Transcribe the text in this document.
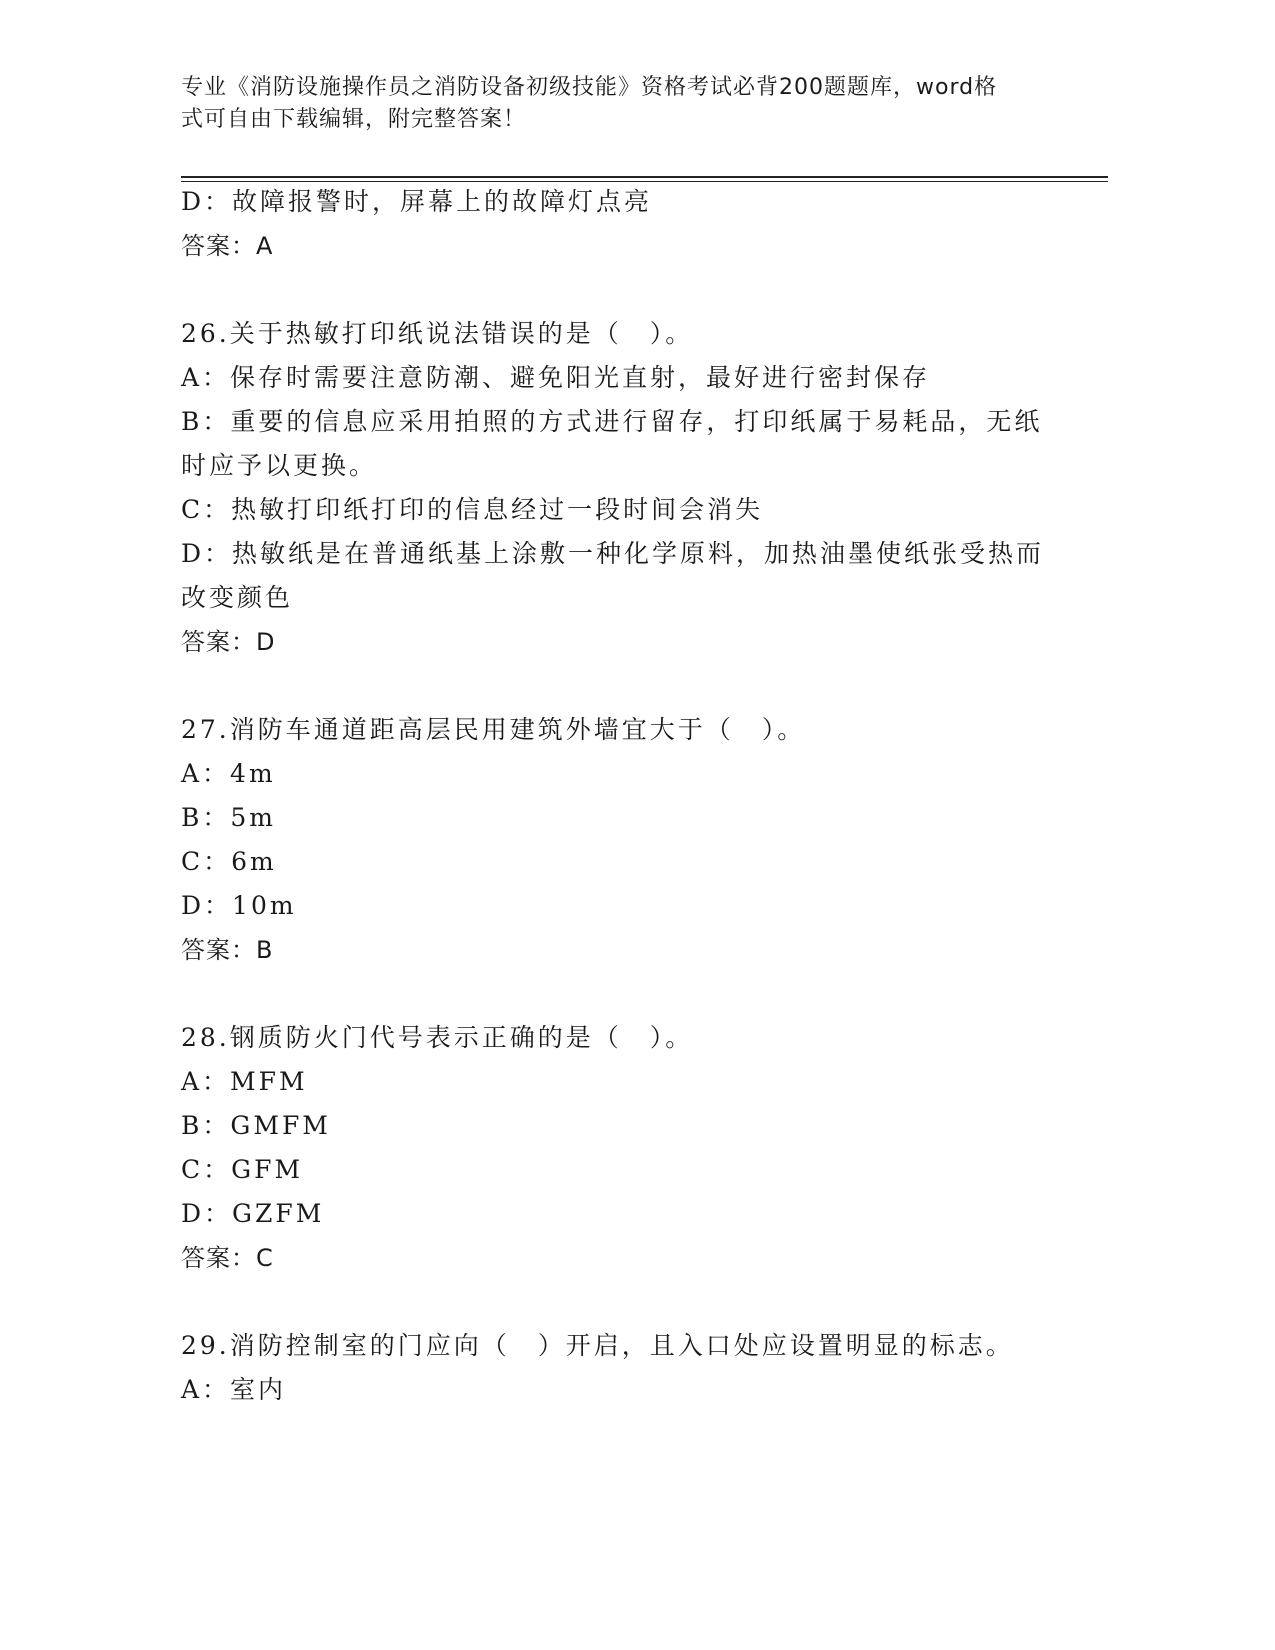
专业《消防设施操作员之消防设备初级技能》资格考试必背200题题库，word格
式可自由下载编辑，附完整答案！
D：故障报警时，屏幕上的故障灯点亮
答案：A
26.关于热敏打印纸说法错误的是（　）。
A：保存时需要注意防潮、避免阳光直射，最好进行密封保存
B：重要的信息应采用拍照的方式进行留存，打印纸属于易耗品，无纸
时应予以更换。
C：热敏打印纸打印的信息经过一段时间会消失
D：热敏纸是在普通纸基上涂敷一种化学原料，加热油墨使纸张受热而
改变颜色
答案：D
27.消防车通道距高层民用建筑外墙宜大于（　）。
A：4m
B：5m
C：6m
D：10m
答案：B
28.钢质防火门代号表示正确的是（　）。
A：MFM
B：GMFM
C：GFM
D：GZFM
答案：C
29.消防控制室的门应向（　）开启，且入口处应设置明显的标志。
A：室内
